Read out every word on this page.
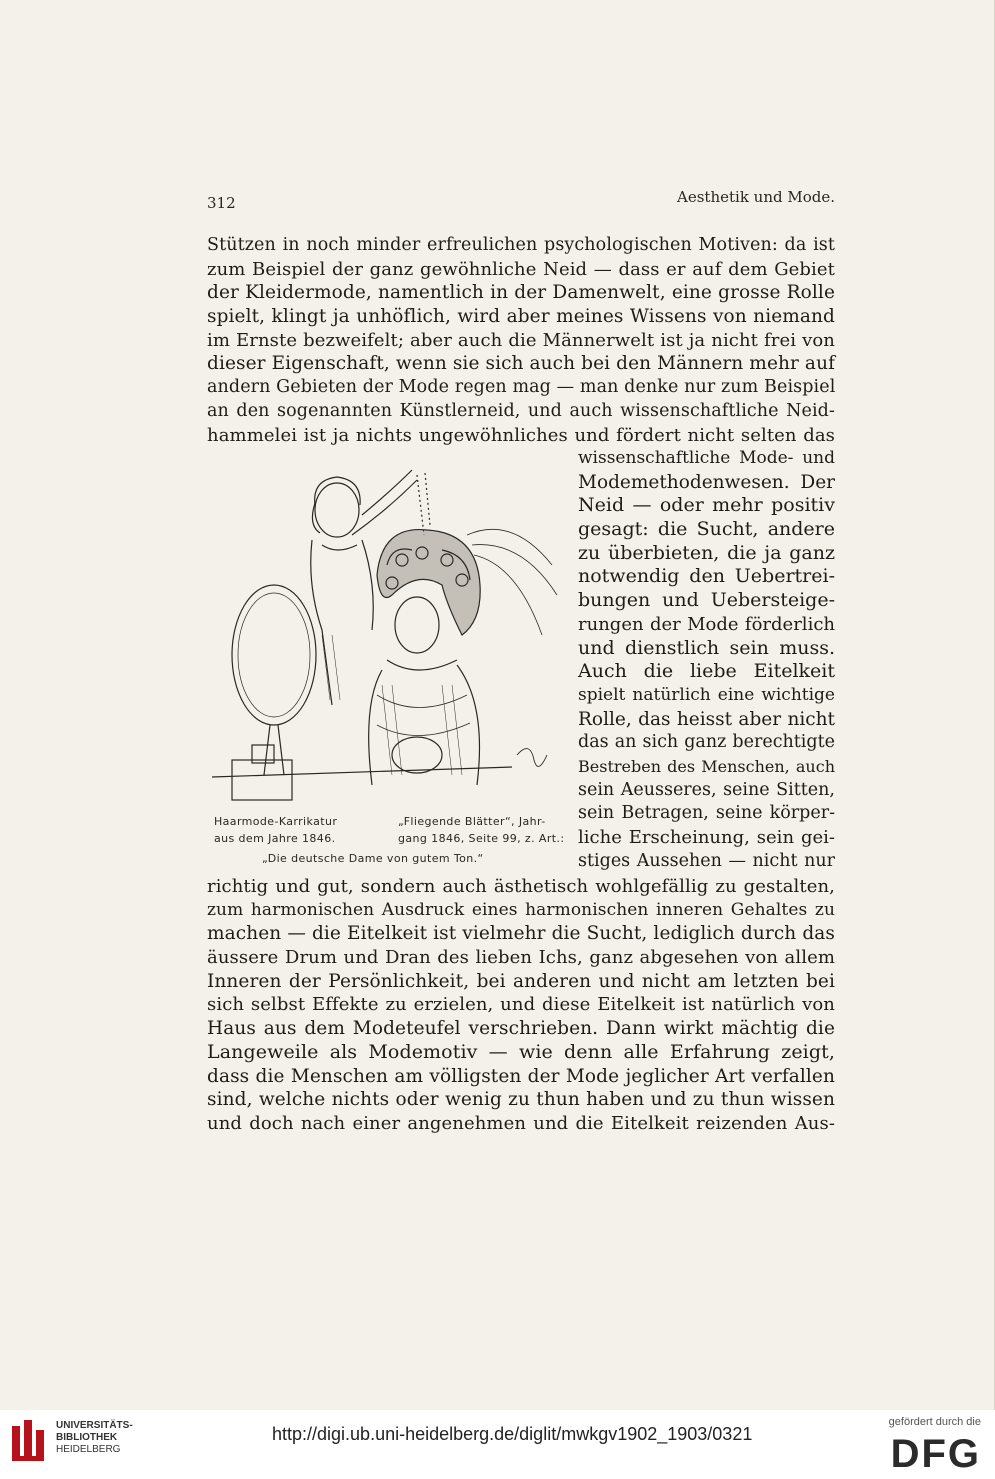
312	Aesthetik und Mode.
Stützen in noch minder erfreulichen psychologischen Motiven: da ist
zum Beispiel der ganz gewöhnliche Neid — dass er auf dem Gebiet
der Kleidermode, namentlich in der Damenwelt, eine grosse Rolle
spielt, klingt ja unhöflich, wird aber meines Wissens von niemand
im Ernste bezweifelt; aber auch die Männerwelt ist ja nicht frei von
dieser Eigenschaft, wenn sie sich auch bei den Männern mehr auf
andern Gebieten der Mode regen mag — man denke nur zum Beispiel
an den sogenannten Künstlerneid, und auch wissenschaftliche Neid-
hammelei ist ja nichts ungewöhnliches und fördert nicht selten das
Haarmode-Karrikatur
aus dem Jahre 1846.
„Fliegende Blätter“, Jahr-
gang 1846, Seite 99, z. Art.:
„Die deutsche Dame von gutem Ton.“
wissenschaftliche Mode- und
Modemethodenwesen. Der
Neid — oder mehr positiv
gesagt: die Sucht, andere
zu überbieten, die ja ganz
notwendig den Uebertrei-
bungen und Uebersteige-
rungen der Mode förderlich
und dienstlich sein muss.
Auch die liebe Eitelkeit
spielt natürlich eine wichtige
Rolle, das heisst aber nicht
das an sich ganz berechtigte
Bestreben des Menschen, auch
sein Aeusseres, seine Sitten,
sein Betragen, seine körper-
liche Erscheinung, sein gei-
stiges Aussehen — nicht nur
richtig und gut, sondern auch ästhetisch wohlgefällig zu gestalten,
zum harmonischen Ausdruck eines harmonischen inneren Gehaltes zu
machen — die Eitelkeit ist vielmehr die Sucht, lediglich durch das
äussere Drum und Dran des lieben Ichs, ganz abgesehen von allem
Inneren der Persönlichkeit, bei anderen und nicht am letzten bei
sich selbst Effekte zu erzielen, und diese Eitelkeit ist natürlich von
Haus aus dem Modeteufel verschrieben. Dann wirkt mächtig die
Langeweile als Modemotiv — wie denn alle Erfahrung zeigt,
dass die Menschen am völligsten der Mode jeglicher Art verfallen
sind, welche nichts oder wenig zu thun haben und zu thun wissen
und doch nach einer angenehmen und die Eitelkeit reizenden Aus-
UNIVERSITÄTS-
BIBLIOTHEK
HEIDELBERG
http://digi.ub.uni-heidelberg.de/diglit/mwkgv1902_1903/0321
gefördert durch die
DFG
